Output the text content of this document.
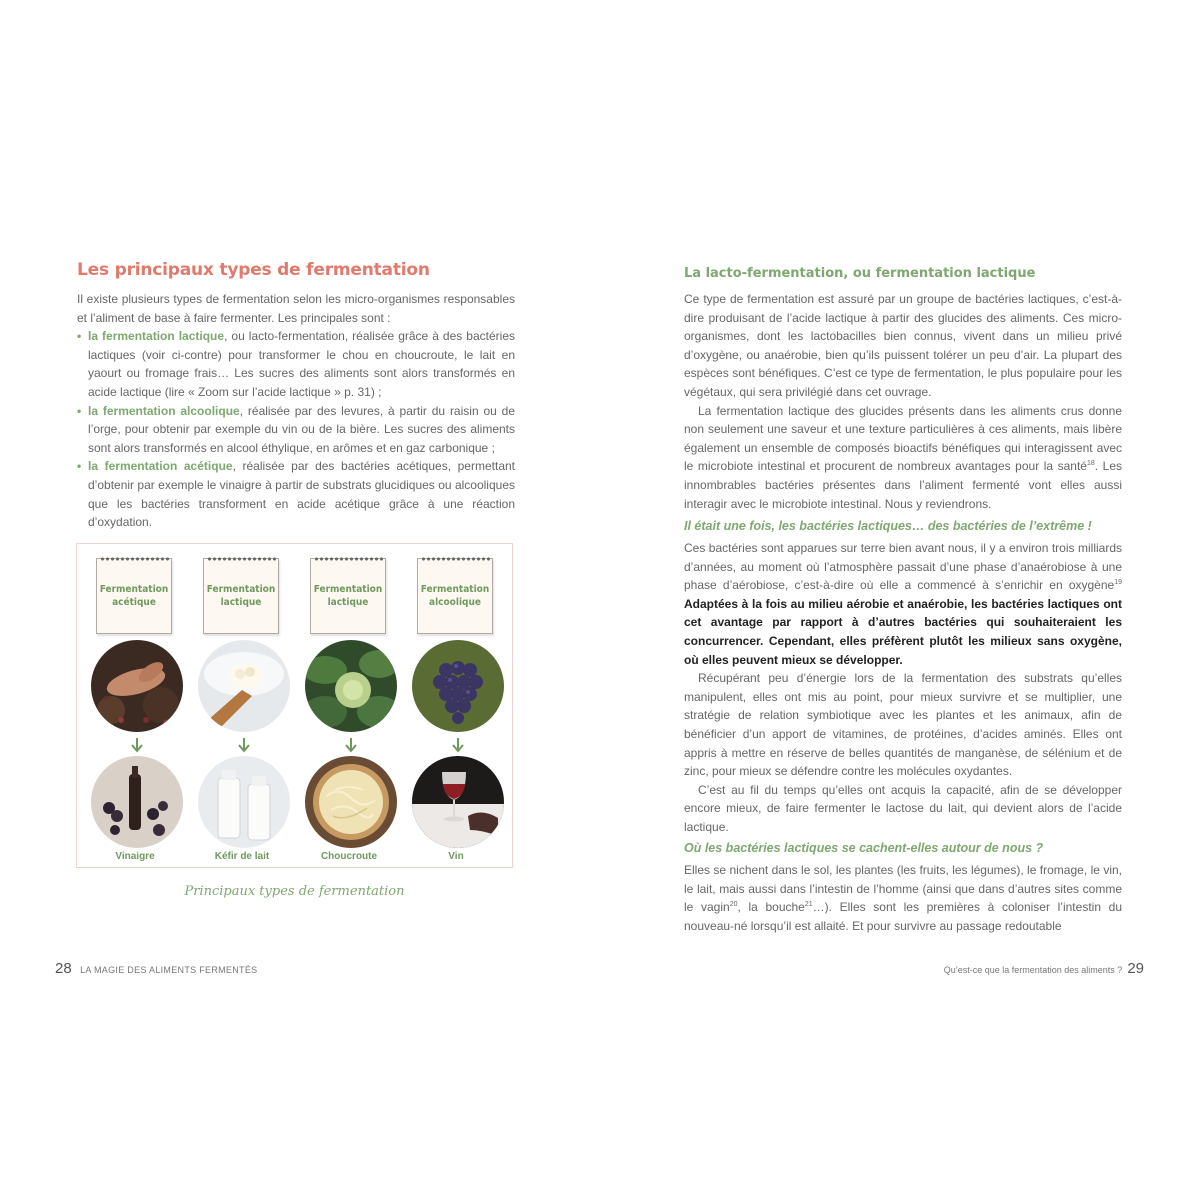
Les principaux types de fermentation

Il existe plusieurs types de fermentation selon les micro-organismes responsables et l’aliment de base à faire fermenter. Les principales sont :

• la fermentation lactique, ou lacto-fermentation, réalisée grâce à des bactéries lactiques (voir ci-contre) pour transformer le chou en choucroute, le lait en yaourt ou fromage frais… Les sucres des aliments sont alors transformés en acide lactique (lire « Zoom sur l’acide lactique » p. 31) ;
• la fermentation alcoolique, réalisée par des levures, à partir du raisin ou de l’orge, pour obtenir par exemple du vin ou de la bière. Les sucres des aliments sont alors transformés en alcool éthylique, en arômes et en gaz carbonique ;
• la fermentation acétique, réalisée par des bactéries acétiques, permettant d’obtenir par exemple le vinaigre à partir de substrats glucidiques ou alcooliques que les bactéries transforment en acide acétique grâce à une réaction d’oxydation.
Fermentation acétique
Vinaigre
Fermentation lactique
Kéfir de lait
Fermentation lactique
Choucroute
Fermentation alcoolique
Vin
Principaux types de fermentation
28 LA MAGIE DES ALIMENTS FERMENTÉS
La lacto-fermentation, ou fermentation lactique

Ce type de fermentation est assuré par un groupe de bactéries lactiques, c’est-à-dire produisant de l’acide lactique à partir des glucides des aliments. Ces micro-organismes, dont les lactobacilles bien connus, vivent dans un milieu privé d’oxygène, ou anaérobie, bien qu’ils puissent tolérer un peu d’air. La plupart des espèces sont bénéfiques. C’est ce type de fermentation, le plus populaire pour les végétaux, qui sera privilégié dans cet ouvrage.

La fermentation lactique des glucides présents dans les aliments crus donne non seulement une saveur et une texture particulières à ces aliments, mais libère également un ensemble de composés bioactifs bénéfiques qui interagissent avec le microbiote intestinal et procurent de nombreux avantages pour la santé$^{18}$. Les innombrables bactéries présentes dans l’aliment fermenté vont elles aussi interagir avec le microbiote intestinal. Nous y reviendrons.

Il était une fois, les bactéries lactiques… des bactéries de l’extrême !

Ces bactéries sont apparues sur terre bien avant nous, il y a environ trois milliards d’années, au moment où l’atmosphère passait d’une phase d’anaérobiose à une phase d’aérobiose, c’est-à-dire où elle a commencé à s’enrichir en oxygène$^{19}$ Adaptées à la fois au milieu aérobie et anaérobie, les bactéries lactiques ont cet avantage par rapport à d’autres bactéries qui souhaiteraient les concurrencer. Cependant, elles préfèrent plutôt les milieux sans oxygène, où elles peuvent mieux se développer.

Récupérant peu d’énergie lors de la fermentation des substrats qu’elles manipulent, elles ont mis au point, pour mieux survivre et se multiplier, une stratégie de relation symbiotique avec les plantes et les animaux, afin de bénéficier d’un apport de vitamines, de protéines, d’acides aminés. Elles ont appris à mettre en réserve de belles quantités de manganèse, de sélénium et de zinc, pour mieux se défendre contre les molécules oxydantes.

C’est au fil du temps qu’elles ont acquis la capacité, afin de se développer encore mieux, de faire fermenter le lactose du lait, qui devient alors de l’acide lactique.

Où les bactéries lactiques se cachent-elles autour de nous ?

Elles se nichent dans le sol, les plantes (les fruits, les légumes), le fromage, le vin, le lait, mais aussi dans l’intestin de l’homme (ainsi que dans d’autres sites comme le vagin$^{20}$, la bouche$^{21}$…). Elles sont les premières à coloniser l’intestin du nouveau-né lorsqu’il est allaité. Et pour survivre au passage redoutable

Qu’est-ce que la fermentation des aliments ? 29
